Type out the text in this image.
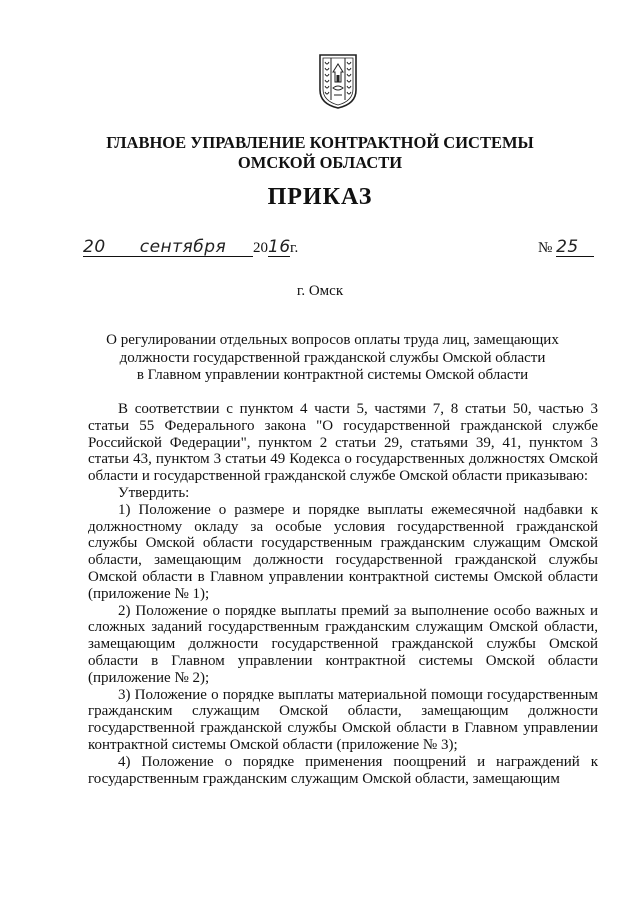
ГЛАВНОЕ УПРАВЛЕНИЕ КОНТРАКТНОЙ СИСТЕМЫ
ОМСКОЙ ОБЛАСТИ
ПРИКАЗ
20 сентября 2016г.	№ 25
г. Омск
О регулировании отдельных вопросов оплаты труда лиц, замещающих
должности государственной гражданской службы Омской области
в Главном управлении контрактной системы Омской области

В соответствии с пунктом 4 части 5, частями 7, 8 статьи 50, частью 3 статьи 55 Федерального закона "О государственной гражданской службе Российской Федерации", пунктом 2 статьи 29, статьями 39, 41, пунктом 3 статьи 43, пунктом 3 статьи 49 Кодекса о государственных должностях Омской области и государственной гражданской службе Омской области приказываю:

Утвердить:

1) Положение о размере и порядке выплаты ежемесячной надбавки к должностному окладу за особые условия государственной гражданской службы Омской области государственным гражданским служащим Омской области, замещающим должности государственной гражданской службы Омской области в Главном управлении контрактной системы Омской области (приложение № 1);

2) Положение о порядке выплаты премий за выполнение особо важных и сложных заданий государственным гражданским служащим Омской области, замещающим должности государственной гражданской службы Омской области в Главном управлении контрактной системы Омской области (приложение № 2);

3) Положение о порядке выплаты материальной помощи государственным гражданским служащим Омской области, замещающим должности государственной гражданской службы Омской области в Главном управлении контрактной системы Омской области (приложение № 3);

4) Положение о порядке применения поощрений и награждений к государственным гражданским служащим Омской области, замещающим
